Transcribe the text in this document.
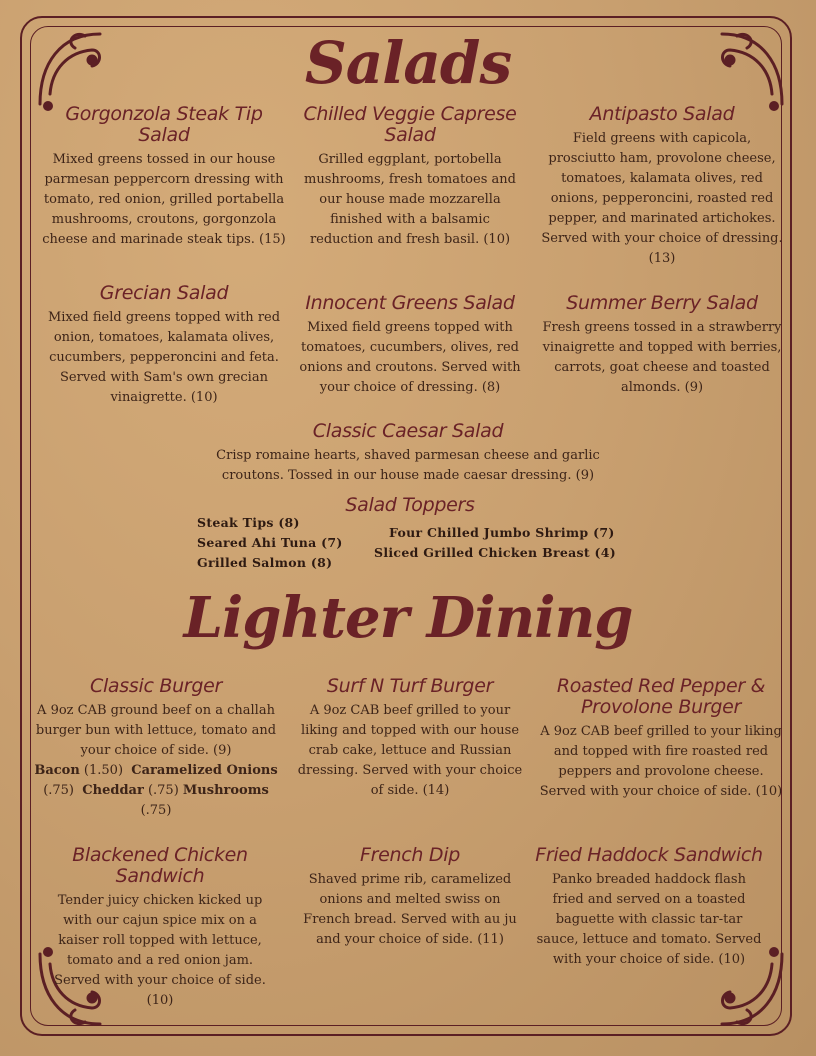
Salads
Gorgonzola Steak Tip Salad
Mixed greens tossed in our house parmesan peppercorn dressing with tomato, red onion, grilled portabella mushrooms, croutons, gorgonzola cheese and marinade steak tips. (15)
Chilled Veggie Caprese Salad
Grilled eggplant, portobella mushrooms, fresh tomatoes and our house made mozzarella finished with a balsamic reduction and fresh basil. (10)
Antipasto Salad
Field greens with capicola, prosciutto ham, provolone cheese, tomatoes, kalamata olives, red onions, pepperoncini, roasted red pepper, and marinated artichokes. Served with your choice of dressing. (13)
Grecian Salad
Mixed field greens topped with red onion, tomatoes, kalamata olives, cucumbers, pepperoncini and feta. Served with Sam's own grecian vinaigrette. (10)
Innocent Greens Salad
Mixed field greens topped with tomatoes, cucumbers, olives, red onions and croutons. Served with your choice of dressing. (8)
Summer Berry Salad
Fresh greens tossed in a strawberry vinaigrette and topped with berries, carrots, goat cheese and toasted almonds. (9)
Classic Caesar Salad
Crisp romaine hearts, shaved parmesan cheese and garlic croutons. Tossed in our house made caesar dressing. (9)
Salad Toppers
Steak Tips (8)
Seared Ahi Tuna (7)
Grilled Salmon (8)
Four Chilled Jumbo Shrimp (7)
Sliced Grilled Chicken Breast (4)
Lighter Dining
Classic Burger
A 9oz CAB ground beef on a challah burger bun with lettuce, tomato and your choice of side. (9)
Bacon (1.50) Caramelized Onions (.75) Cheddar (.75) Mushrooms (.75)
Surf N Turf Burger
A 9oz CAB beef grilled to your liking and topped with our house crab cake, lettuce and Russian dressing. Served with your choice of side. (14)
Roasted Red Pepper & Provolone Burger
A 9oz CAB beef grilled to your liking and topped with fire roasted red peppers and provolone cheese. Served with your choice of side. (10)
Blackened Chicken Sandwich
Tender juicy chicken kicked up with our cajun spice mix on a kaiser roll topped with lettuce, tomato and a red onion jam. Served with your choice of side. (10)
French Dip
Shaved prime rib, caramelized onions and melted swiss on French bread. Served with au ju and your choice of side. (11)
Fried Haddock Sandwich
Panko breaded haddock flash fried and served on a toasted baguette with classic tar-tar sauce, lettuce and tomato. Served with your choice of side. (10)
